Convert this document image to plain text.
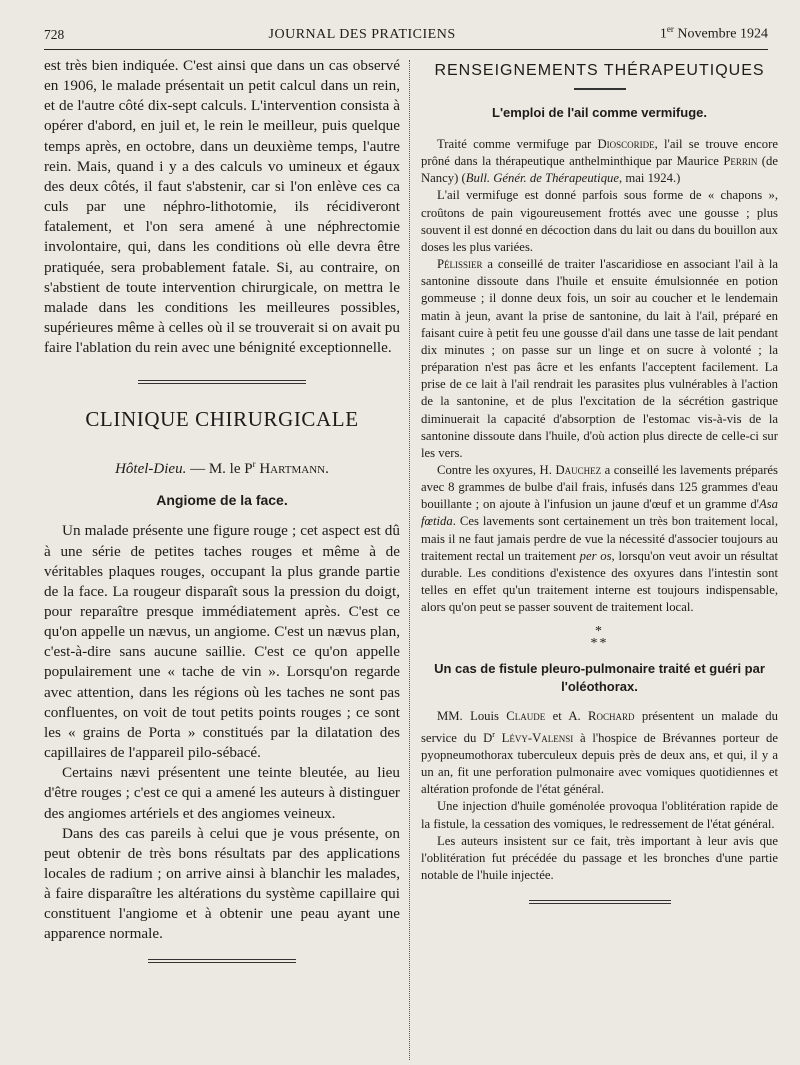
728	JOURNAL DES PRATICIENS	1er Novembre 1924

est très bien indiquée. C'est ainsi que dans un cas observé en 1906, le malade présentait un petit calcul dans un rein, et de l'autre côté dix-sept calculs. L'intervention consista à opérer d'abord, en juil et, le rein le meilleur, puis quelque temps après, en octobre, dans un deuxième temps, l'autre rein. Mais, quand i y a des calculs vo umineux et égaux des deux côtés, il faut s'abstenir, car si l'on enlève ces ca culs par une néphro-lithotomie, ils récidiveront fatalement, et l'on sera amené à une néphrectomie involontaire, qui, dans les conditions où elle devra être pratiquée, sera probablement fatale. Si, au contraire, on s'abstient de toute intervention chirurgicale, on mettra le malade dans les conditions les meilleures possibles, supérieures même à celles où il se trouverait si on avait pu faire l'ablation du rein avec une bénignité exceptionnelle.

CLINIQUE CHIRURGICALE
Hôtel-Dieu. — M. le $P^r$ Hartmann.
Angiome de la face.

Un malade présente une figure rouge ; cet aspect est dû à une série de petites taches rouges et même à de véritables plaques rouges, occupant la plus grande partie de la face. La rougeur disparaît sous la pression du doigt, pour reparaître presque immédiatement après. C'est ce qu'on appelle un nævus, un angiome. C'est un nævus plan, c'est-à-dire sans aucune saillie. C'est ce qu'on appelle populairement une « tache de vin ». Lorsqu'on regarde avec attention, dans les régions où les taches ne sont pas confluentes, on voit de tout petits points rouges ; ce sont les « grains de Porta » constitués par la dilatation des capillaires de l'appareil pilo-sébacé.

Certains nævi présentent une teinte bleutée, au lieu d'être rouges ; c'est ce qui a amené les auteurs à distinguer des angiomes artériels et des angiomes veineux.

Dans des cas pareils à celui que je vous présente, on peut obtenir de très bons résultats par des applications locales de radium ; on arrive ainsi à blanchir les malades, à faire disparaître les altérations du système capillaire qui constituent l'angiome et à obtenir une peau ayant une apparence normale.

RENSEIGNEMENTS THÉRAPEUTIQUES
L'emploi de l'ail comme vermifuge.

Traité comme vermifuge par Dioscoride, l'ail se trouve encore prôné dans la thérapeutique anthelminthique par Maurice Perrin (de Nancy) (Bull. Génér. de Thérapeutique, mai 1924.)

L'ail vermifuge est donné parfois sous forme de « chapons », croûtons de pain vigoureusement frottés avec une gousse ; plus souvent il est donné en décoction dans du lait ou dans du bouillon aux doses les plus variées.

Pélissier a conseillé de traiter l'ascaridiose en associant l'ail à la santonine dissoute dans l'huile et ensuite émulsionnée en potion gommeuse ; il donne deux fois, un soir au coucher et le lendemain matin à jeun, avant la prise de santonine, du lait à l'ail, préparé en faisant cuire à petit feu une gousse d'ail dans une tasse de lait pendant dix minutes ; on passe sur un linge et on sucre à volonté ; la préparation n'est pas âcre et les enfants l'acceptent facilement. La prise de ce lait à l'ail rendrait les parasites plus vulnérables à l'action de la santonine, et de plus l'excitation de la sécrétion gastrique diminuerait la capacité d'absorption de l'estomac vis-à-vis de la santonine dissoute dans l'huile, d'où action plus directe de celle-ci sur les vers.

Contre les oxyures, H. Dauchez a conseillé les lavements préparés avec 8 grammes de bulbe d'ail frais, infusés dans 125 grammes d'eau bouillante ; on ajoute à l'infusion un jaune d'œuf et un gramme d'Asa fœtida. Ces lavements sont certainement un très bon traitement local, mais il ne faut jamais perdre de vue la nécessité d'associer toujours au traitement rectal un traitement per os, lorsqu'on veut avoir un résultat durable. Les conditions d'existence des oxyures dans l'intestin sont telles en effet qu'un traitement interne est toujours indispensable, alors qu'on peut se passer souvent de traitement local.

*
**
Un cas de fistule pleuro-pulmonaire traité et guéri par l'oléothorax.

MM. Louis Claude et A. Rochard présentent un malade du service du $D^r$ Lévy-Valensi à l'hospice de Brévannes porteur de pyopneumothorax tuberculeux depuis près de deux ans, et qui, il y a un an, fit une perforation pulmonaire avec vomiques quotidiennes et altération profonde de l'état général.

Une injection d'huile goménolée provoqua l'oblitération rapide de la fistule, la cessation des vomiques, le redressement de l'état général.

Les auteurs insistent sur ce fait, très important à leur avis que l'oblitération fut précédée du passage et les bronches d'une partie notable de l'huile injectée.
